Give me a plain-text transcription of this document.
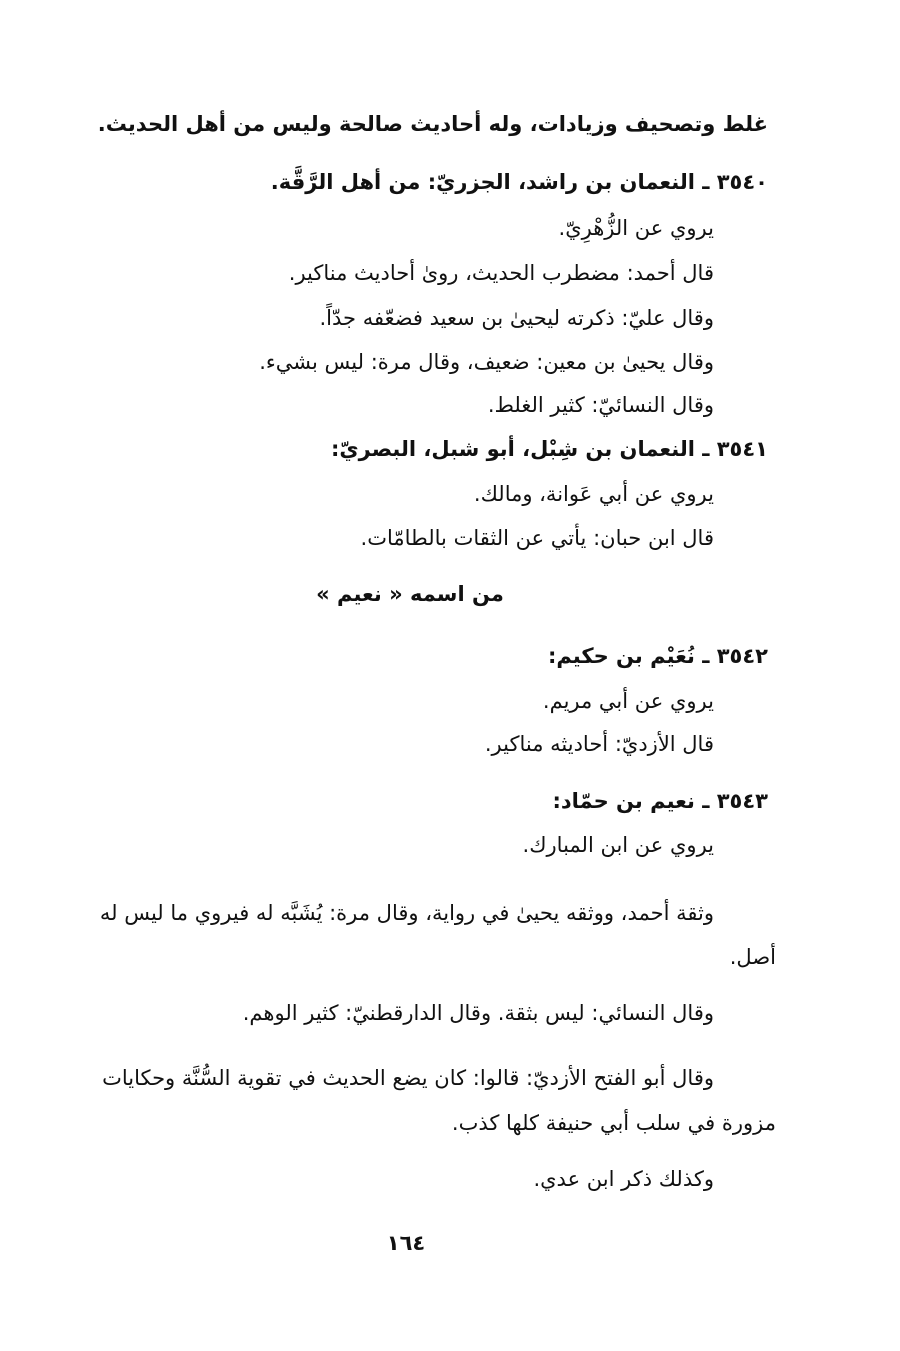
غلط وتصحيف وزيادات، وله أحاديث صالحة وليس من أهل الحديث.
٣٥٤٠ ـ النعمان بن راشد، الجزريّ: من أهل الرَّقَّة.
يروي عن الزُّهْرِيّ.
قال أحمد: مضطرب الحديث، روىٰ أحاديث مناكير.
وقال عليّ: ذكرته ليحيىٰ بن سعيد فضعّفه جدّاً.
وقال يحيىٰ بن معين: ضعيف، وقال مرة: ليس بشيء.
وقال النسائيّ: كثير الغلط.
٣٥٤١ ـ النعمان بن شِبْل، أبو شبل، البصريّ:
يروي عن أبي عَوانة، ومالك.
قال ابن حبان: يأتي عن الثقات بالطامّات.
من اسمه « نعيم »
٣٥٤٢ ـ نُعَيْم بن حكيم:
يروي عن أبي مريم.
قال الأزديّ: أحاديثه مناكير.
٣٥٤٣ ـ نعيم بن حمّاد:
يروي عن ابن المبارك.
وثقة أحمد، ووثقه يحيىٰ في رواية، وقال مرة: يُشَبَّه له فيروي ما ليس له
أصل.
وقال النسائي: ليس بثقة. وقال الدارقطنيّ: كثير الوهم.
وقال أبو الفتح الأزديّ: قالوا: كان يضع الحديث في تقوية السُّنَّة وحكايات
مزورة في سلب أبي حنيفة كلها كذب.
وكذلك ذكر ابن عدي.
١٦٤
